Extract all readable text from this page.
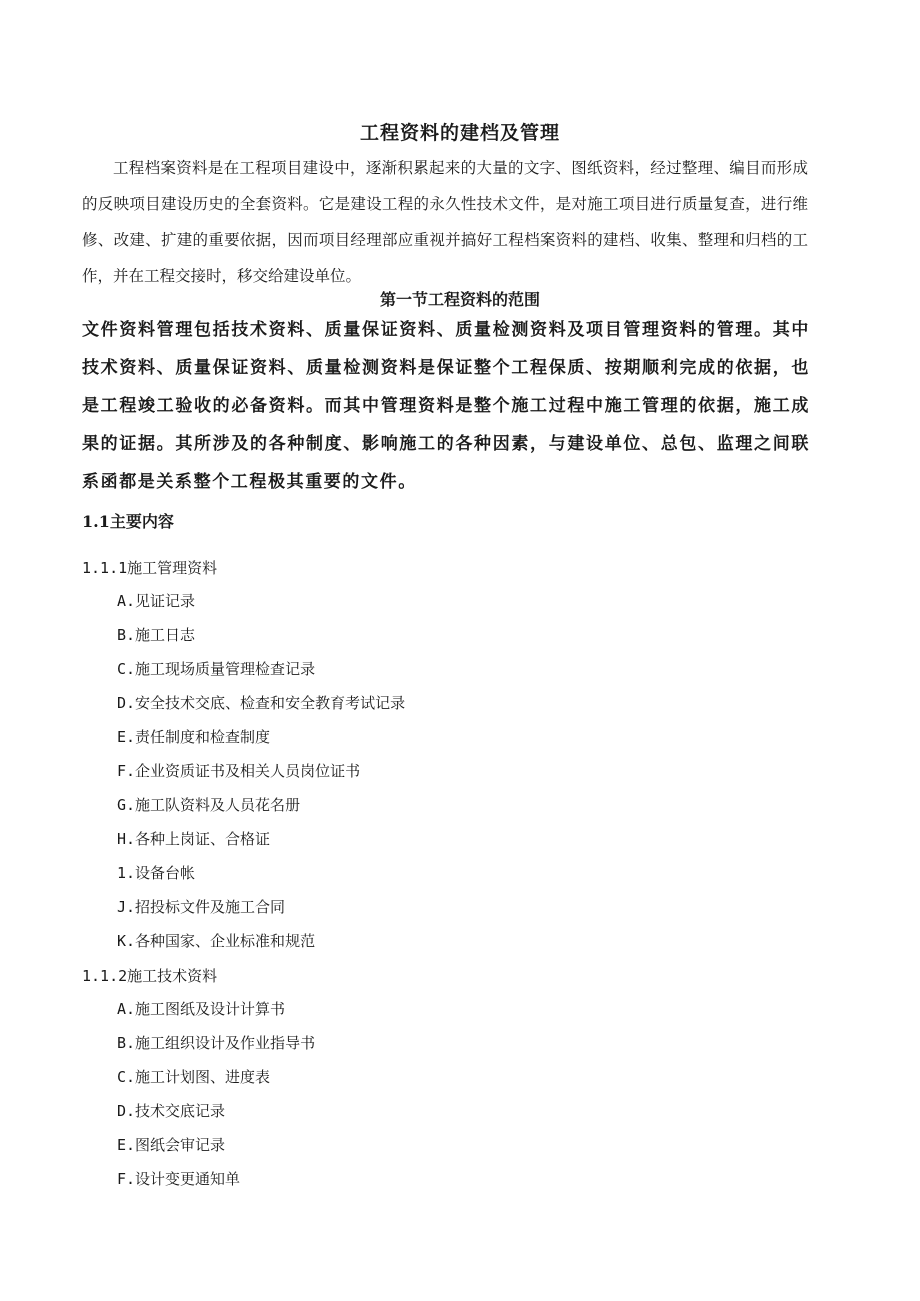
工程资料的建档及管理

工程档案资料是在工程项目建设中，逐渐积累起来的大量的文字、图纸资料，经过整理、编目而形成的反映项目建设历史的全套资料。它是建设工程的永久性技术文件，是对施工项目进行质量复查，进行维修、改建、扩建的重要依据，因而项目经理部应重视并搞好工程档案资料的建档、收集、整理和归档的工作，并在工程交接时，移交给建设单位。

第一节工程资料的范围

文件资料管理包括技术资料、质量保证资料、质量检测资料及项目管理资料的管理。其中技术资料、质量保证资料、质量检测资料是保证整个工程保质、按期顺利完成的依据，也是工程竣工验收的必备资料。而其中管理资料是整个施工过程中施工管理的依据，施工成果的证据。其所涉及的各种制度、影响施工的各种因素，与建设单位、总包、监理之间联系函都是关系整个工程极其重要的文件。

1.1主要内容
1.1.1施工管理资料
A.见证记录
B.施工日志
C.施工现场质量管理检查记录
D.安全技术交底、检查和安全教育考试记录
E.责任制度和检查制度
F.企业资质证书及相关人员岗位证书
G.施工队资料及人员花名册
H.各种上岗证、合格证
1.设备台帐
J.招投标文件及施工合同
K.各种国家、企业标准和规范
1.1.2施工技术资料
A.施工图纸及设计计算书
B.施工组织设计及作业指导书
C.施工计划图、进度表
D.技术交底记录
E.图纸会审记录
F.设计变更通知单
